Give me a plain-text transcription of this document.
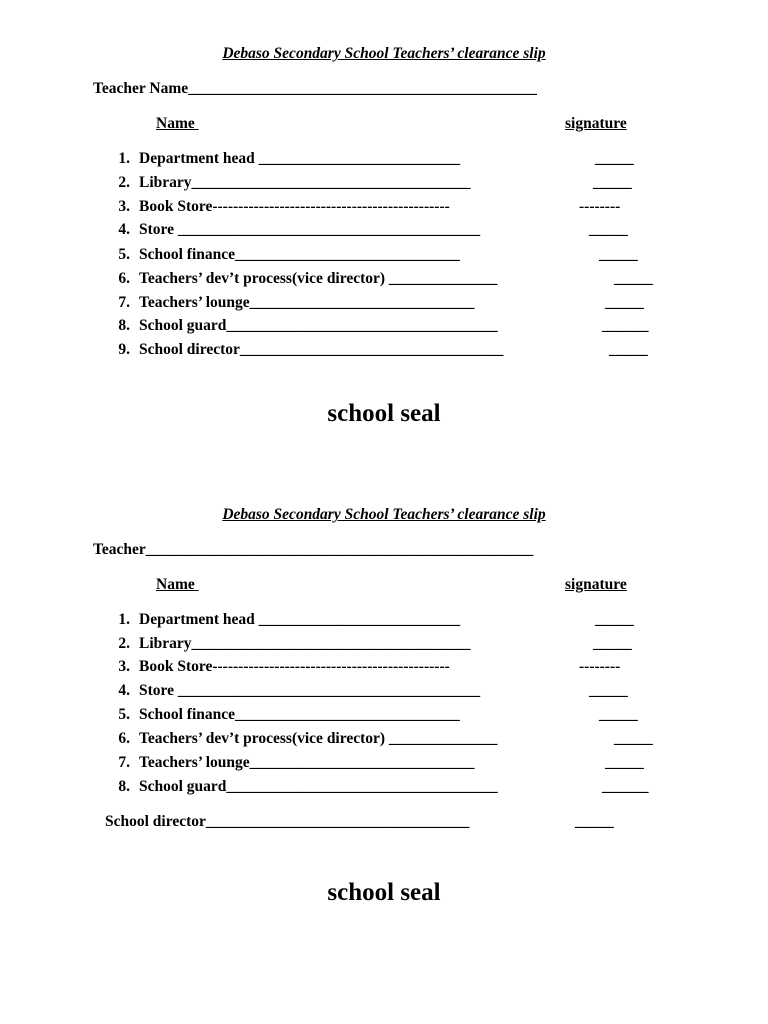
Debaso Secondary School Teachers’ clearance slip
Teacher Name_____________________________________________
Name	signature
1. Department head __________________________	_____
2. Library____________________________________	_____
3. Book Store----------------------------------------------	--------
4. Store _______________________________________	_____
5. School finance_____________________________	_____
6. Teachers’ dev’t process(vice director) ______________	_____
7. Teachers’ lounge_____________________________	_____
8. School guard___________________________________	______
9. School director__________________________________	_____
school seal
Debaso Secondary School Teachers’ clearance slip
Teacher__________________________________________________
Name	signature
1. Department head __________________________	_____
2. Library____________________________________	_____
3. Book Store----------------------------------------------	--------
4. Store _______________________________________	_____
5. School finance_____________________________	_____
6. Teachers’ dev’t process(vice director) ______________	_____
7. Teachers’ lounge_____________________________	_____
8. School guard___________________________________	______
School director__________________________________	_____
school seal
